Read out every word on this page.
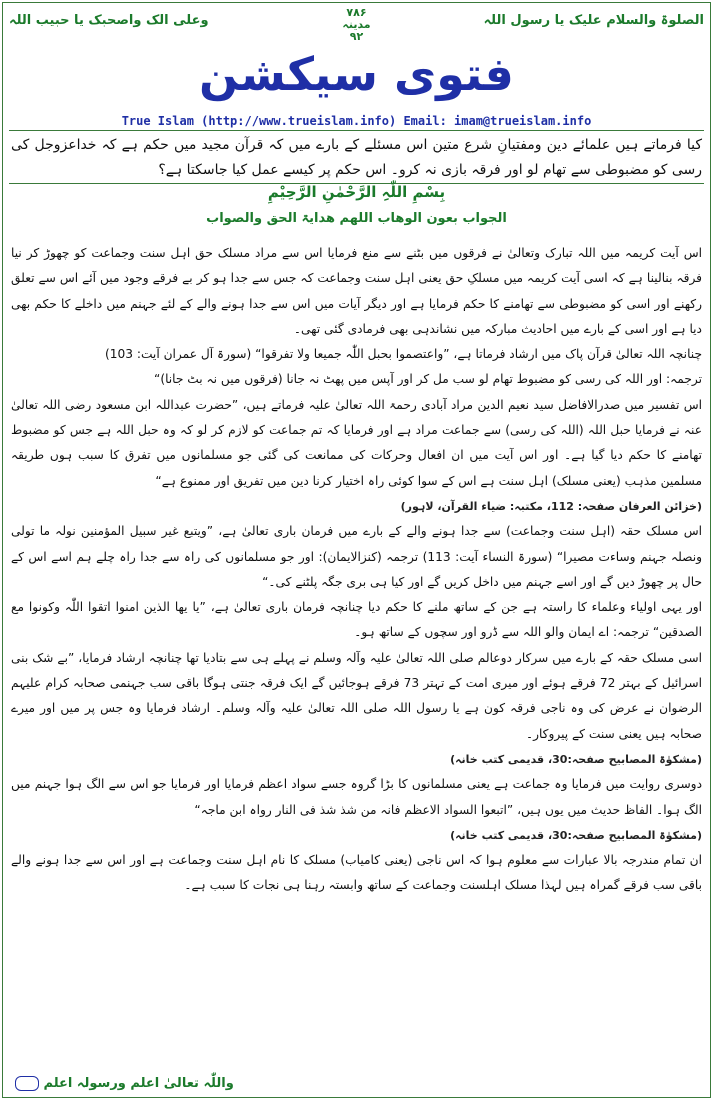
الصلوۃ والسلام علیک یا رسول اللہ
۷۸۶
مدینہ
۹۲
وعلی الک واصحبک یا حبیب اللہ
فتوی سیکشن
True Islam (http://www.trueislam.info) Email: imam@trueislam.info
کیا فرماتے ہیں علمائے دین ومفتیانِ شرع متین اس مسئلے کے بارے میں کہ قرآن مجید میں حکم ہے کہ خداعزوجل کی رسی کو مضبوطی سے تھام لو اور فرقہ بازی نہ کرو۔ اس حکم پر کیسے عمل کیا جاسکتا ہے؟
بِسْمِ اللّٰہِ الرَّحْمٰنِ الرَّحِیْمِ
الجواب بعون الوھاب اللھم ھدایۃ الحق والصواب

اس آیت کریمہ میں اللہ تبارک وتعالیٰ نے فرقوں میں بٹنے سے منع فرمایا اس سے مراد مسلک حق اہل سنت وجماعت کو چھوڑ کر نیا فرقہ بنالینا ہے کہ اسی آیت کریمہ میں مسلکِ حق یعنی اہل سنت وجماعت کہ جس سے جدا ہو کر بے فرقے وجود میں آئے اس سے تعلق رکھنے اور اسی کو مضبوطی سے تھامنے کا حکم فرمایا ہے اور دیگر آیات میں اس سے جدا ہونے والے کے لئے جہنم میں داخلے کا حکم بھی دیا ہے اور اسی کے بارے میں احادیث مبارکہ میں نشاندہی بھی فرمادی گئی تھی۔

چنانچہ اللہ تعالیٰ قرآن پاک میں ارشاد فرماتا ہے، ”واعتصموا بحبل اللّٰہ جمیعا ولا تفرقوا“ (سورۃ آل عمران آیت: 103)

ترجمہ: اور اللہ کی رسی کو مضبوط تھام لو سب مل کر اور آپس میں پھٹ نہ جانا (فرقوں میں نہ بٹ جانا)“

اس تفسیر میں صدرالافاضل سید نعیم الدین مراد آبادی رحمۃ اللہ تعالیٰ علیہ فرماتے ہیں، ”حضرت عبداللہ ابن مسعود رضی اللہ تعالیٰ عنہ نے فرمایا حبل اللہ (اللہ کی رسی) سے جماعت مراد ہے اور فرمایا کہ تم جماعت کو لازم کر لو کہ وہ حبل اللہ ہے جس کو مضبوط تھامنے کا حکم دیا گیا ہے۔ اور اس آیت میں ان افعال وحرکات کی ممانعت کی گئی جو مسلمانوں میں تفرق کا سبب ہوں طریقہ مسلمین مذہب (یعنی مسلک) اہل سنت ہے اس کے سوا کوئی راہ اختیار کرنا دین میں تفریق اور ممنوع ہے“

(خزائن العرفان صفحہ: 112، مکتبہ: ضیاء القرآن، لاہور)

اس مسلک حقہ (اہل سنت وجماعت) سے جدا ہونے والے کے بارے میں فرمان باری تعالیٰ ہے، ”ویتبع غیر سبیل المؤمنین نولہ ما تولی ونصلہ جہنم وساءت مصیرا“ (سورۃ النساء آیت: 113) ترجمہ (کنزالایمان): اور جو مسلمانوں کی راہ سے جدا راہ چلے ہم اسے اس کے حال پر چھوڑ دیں گے اور اسے جہنم میں داخل کریں گے اور کیا ہی بری جگہ پلٹنے کی۔“

اور یہی اولیاء وعلماء کا راستہ ہے جن کے ساتھ ملنے کا حکم دیا چنانچہ فرمان باری تعالیٰ ہے، ”یا یھا الذین امنوا اتقوا اللّٰہ وکونوا مع الصدقین“ ترجمہ: اے ایمان والو اللہ سے ڈرو اور سچوں کے ساتھ ہو۔

اسی مسلک حقہ کے بارے میں سرکار دوعالم صلی اللہ تعالیٰ علیہ وآلہ وسلم نے پہلے ہی سے بتادیا تھا چنانچہ ارشاد فرمایا، ”بے شک بنی اسرائیل کے بہتر 72 فرقے ہوئے اور میری امت کے تہتر 73 فرقے ہوجائیں گے ایک فرقہ جنتی ہوگا باقی سب جہنمی صحابہ کرام علیہم الرضوان نے عرض کی وہ ناجی فرقہ کون ہے یا رسول اللہ صلی اللہ تعالیٰ علیہ وآلہ وسلم۔ ارشاد فرمایا وہ جس پر میں اور میرے صحابہ ہیں یعنی سنت کے پیروکار۔

(مشکوٰۃ المصابیح صفحہ:30، قدیمی کتب خانہ)

دوسری روایت میں فرمایا وہ جماعت ہے یعنی مسلمانوں کا بڑا گروہ جسے سواد اعظم فرمایا اور فرمایا جو اس سے الگ ہوا جہنم میں الگ ہوا۔ الفاظ حدیث میں یوں ہیں، ”اتبعوا السواد الاعظم فانہ من شذ شذ فی النار رواہ ابن ماجہ“

(مشکوٰۃ المصابیح صفحہ:30، قدیمی کتب خانہ)

ان تمام مندرجہ بالا عبارات سے معلوم ہوا کہ اس ناجی (یعنی کامیاب) مسلک کا نام اہل سنت وجماعت ہے اور اس سے جدا ہونے والے باقی سب فرقے گمراہ ہیں لہذا مسلک اہلسنت وجماعت کے ساتھ وابستہ رہنا ہی نجات کا سبب ہے۔

واللّٰہ تعالیٰ اعلم ورسولہ اعلم
